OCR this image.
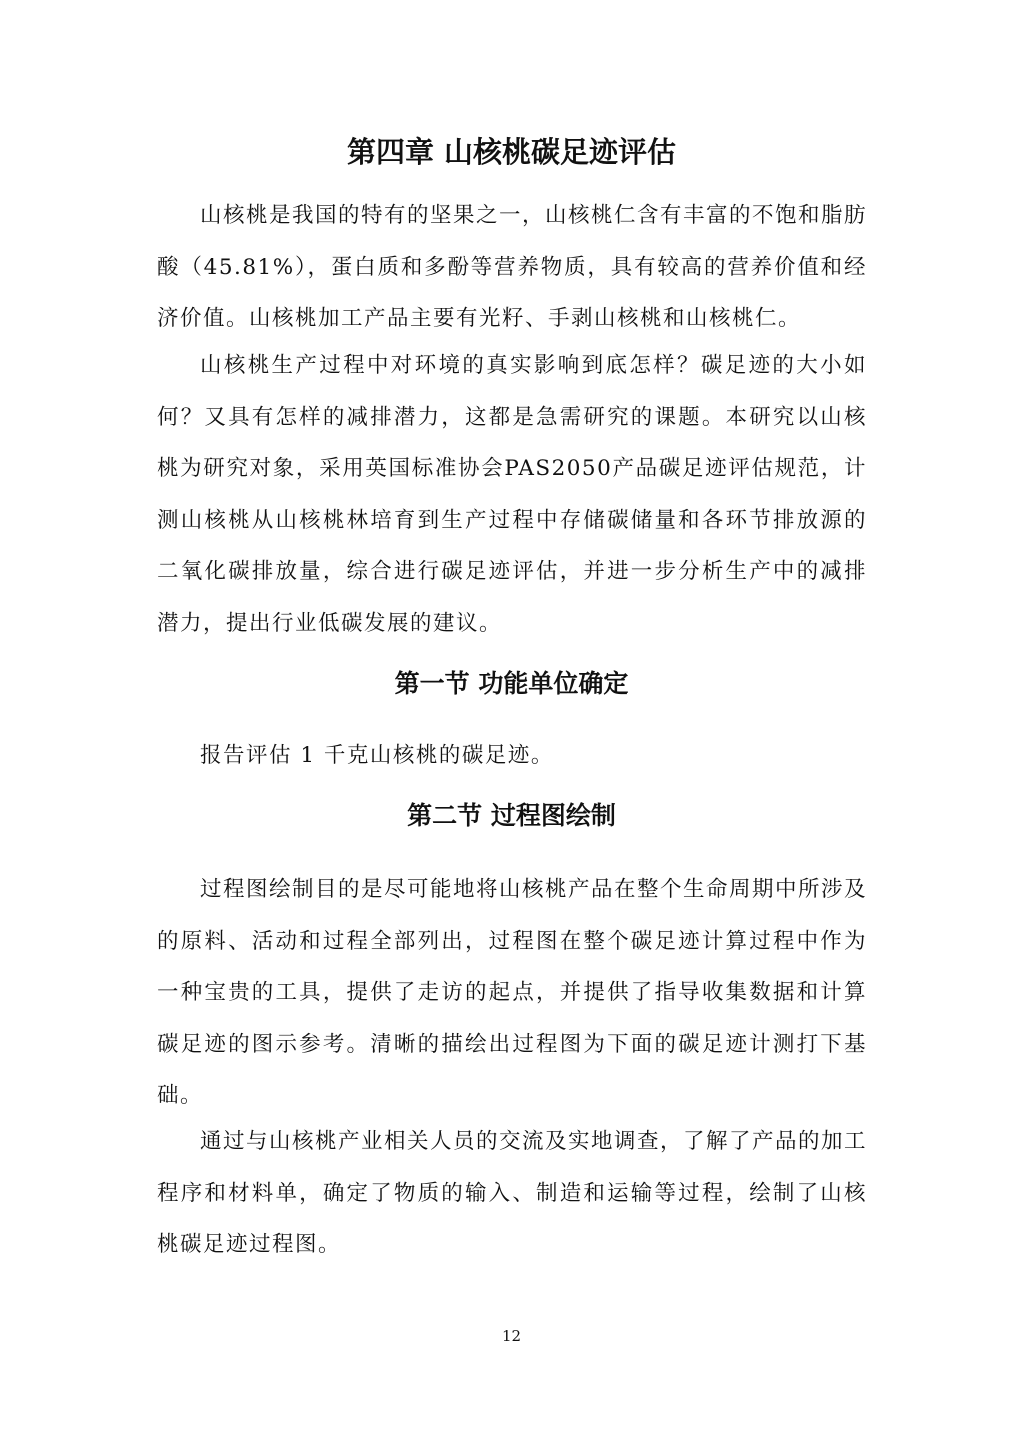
第四章 山核桃碳足迹评估

山核桃是我国的特有的坚果之一，山核桃仁含有丰富的不饱和脂肪酸（45.81%），蛋白质和多酚等营养物质，具有较高的营养价值和经济价值。山核桃加工产品主要有光籽、手剥山核桃和山核桃仁。

山核桃生产过程中对环境的真实影响到底怎样？碳足迹的大小如何？又具有怎样的减排潜力，这都是急需研究的课题。本研究以山核桃为研究对象，采用英国标准协会PAS2050产品碳足迹评估规范，计测山核桃从山核桃林培育到生产过程中存储碳储量和各环节排放源的二氧化碳排放量，综合进行碳足迹评估，并进一步分析生产中的减排潜力，提出行业低碳发展的建议。

第一节 功能单位确定

报告评估 1 千克山核桃的碳足迹。

第二节 过程图绘制

过程图绘制目的是尽可能地将山核桃产品在整个生命周期中所涉及的原料、活动和过程全部列出，过程图在整个碳足迹计算过程中作为一种宝贵的工具，提供了走访的起点，并提供了指导收集数据和计算碳足迹的图示参考。清晰的描绘出过程图为下面的碳足迹计测打下基础。

通过与山核桃产业相关人员的交流及实地调查，了解了产品的加工程序和材料单，确定了物质的输入、制造和运输等过程，绘制了山核桃碳足迹过程图。

12
